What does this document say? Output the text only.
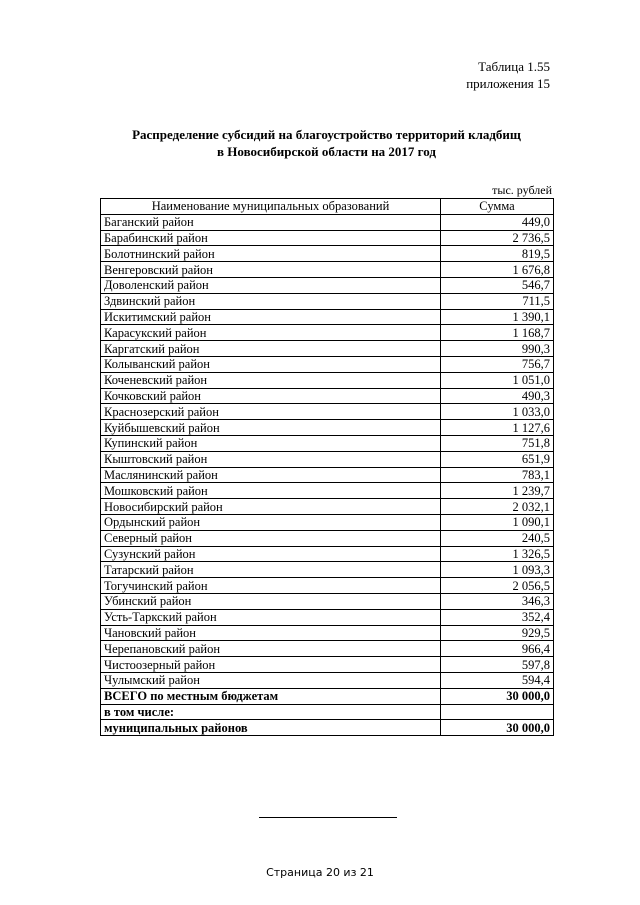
Таблица 1.55
приложения 15
Распределение субсидий на благоустройство территорий кладбищ
в Новосибирской области на 2017 год
тыс. рублей
Наименование муниципальных образований	Сумма
Баганский район	449,0
Барабинский район	2 736,5
Болотнинский район	819,5
Венгеровский район	1 676,8
Доволенский район	546,7
Здвинский район	711,5
Искитимский район	1 390,1
Карасукский район	1 168,7
Каргатский район	990,3
Колыванский район	756,7
Коченевский район	1 051,0
Кочковский район	490,3
Краснозерский район	1 033,0
Куйбышевский район	1 127,6
Купинский район	751,8
Кыштовский район	651,9
Маслянинский район	783,1
Мошковский район	1 239,7
Новосибирский район	2 032,1
Ордынский район	1 090,1
Северный район	240,5
Сузунский район	1 326,5
Татарский район	1 093,3
Тогучинский район	2 056,5
Убинский район	346,3
Усть-Таркский район	352,4
Чановский район	929,5
Черепановский район	966,4
Чистоозерный район	597,8
Чулымский район	594,4
ВСЕГО по местным бюджетам	30 000,0
в том числе:	
муниципальных районов	30 000,0
Страница 20 из 21
